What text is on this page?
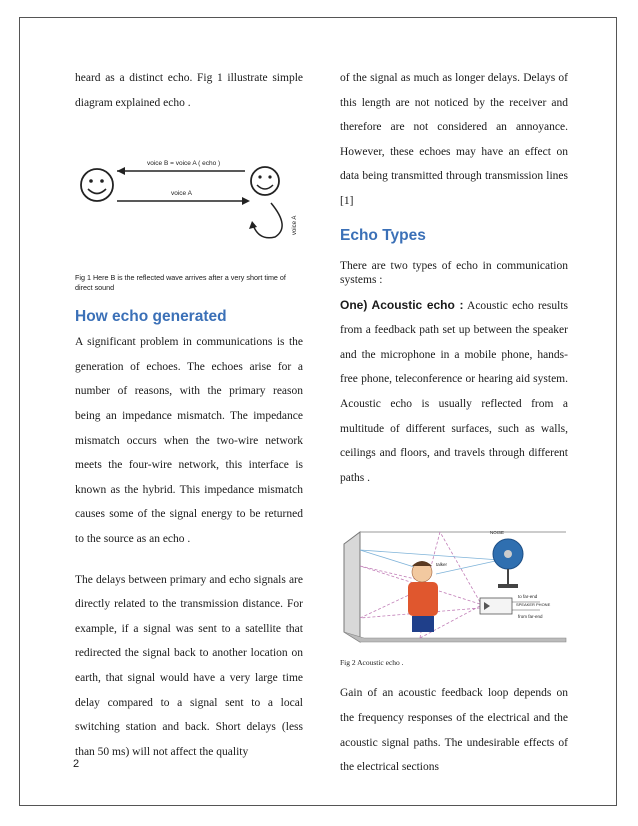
heard as a distinct echo. Fig 1 illustrate simple diagram explained echo .

voice B = voice A ( echo )
voice A
voice A

Fig 1 Here B is the reflected wave arrives after a very short time of direct sound

How echo generated

A significant problem in communications is the generation of echoes. The echoes arise for a number of reasons, with the primary reason being an impedance mismatch. The impedance mismatch occurs when the two-wire network meets the four-wire network, this interface is known as the hybrid. This impedance mismatch causes some of the signal energy to be returned to the source as an echo .

The delays between primary and echo signals are directly related to the transmission distance. For example, if a signal was sent to a satellite that redirected the signal back to another location on earth, that signal would have a very large time delay compared to a signal sent to a local switching station and back. Short delays (less than 50 ms) will not affect the quality

of the signal as much as longer delays. Delays of this length are not noticed by the receiver and therefore are not considered an annoyance. However, these echoes may have an effect on data being transmitted through transmission lines [1]

Echo Types

There are two types of echo in communication systems :

One) Acoustic echo : Acoustic echo results from a feedback path set up between the speaker and the microphone in a mobile phone, hands-free phone, teleconference or hearing aid system. Acoustic echo is usually reflected from a multitude of different surfaces, such as walls, ceilings and floors, and travels through different paths .

talker
NOISE
to far-end
SPEAKER PHONE
from far-end

Fig 2 Acoustic echo .

Gain of an acoustic feedback loop depends on the frequency responses of the electrical and the acoustic signal paths. The undesirable effects of the electrical sections

2
